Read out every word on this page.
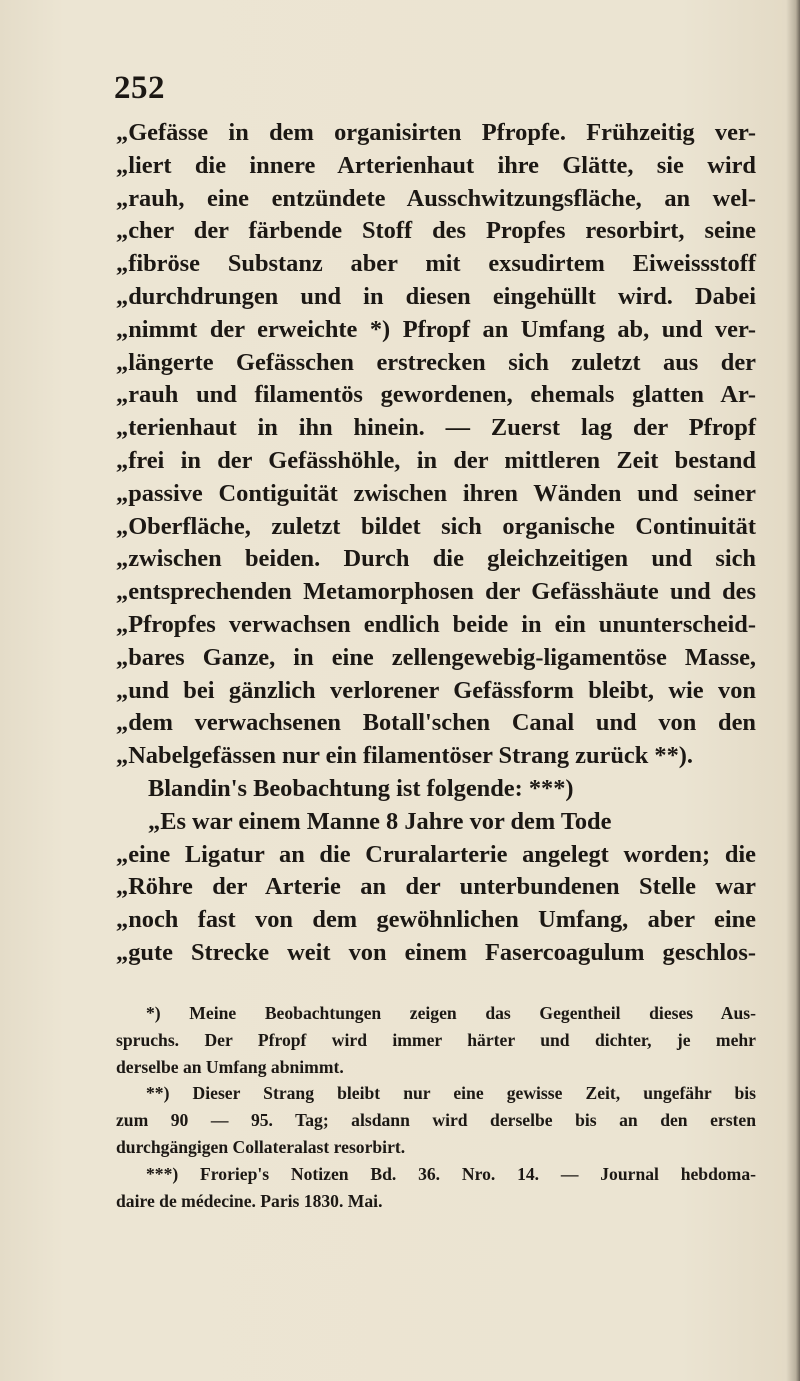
252
„Gefässe in dem organisirten Pfropfe. Frühzeitig ver-
„liert die innere Arterienhaut ihre Glätte, sie wird
„rauh, eine entzündete Ausschwitzungsfläche, an wel-
„cher der färbende Stoff des Propfes resorbirt, seine
„fibröse Substanz aber mit exsudirtem Eiweissstoff
„durchdrungen und in diesen eingehüllt wird. Dabei
„nimmt der erweichte *) Pfropf an Umfang ab, und ver-
„längerte Gefässchen erstrecken sich zuletzt aus der
„rauh und filamentös gewordenen, ehemals glatten Ar-
„terienhaut in ihn hinein. — Zuerst lag der Pfropf
„frei in der Gefässhöhle, in der mittleren Zeit bestand
„passive Contiguität zwischen ihren Wänden und seiner
„Oberfläche, zuletzt bildet sich organische Continuität
„zwischen beiden. Durch die gleichzeitigen und sich
„entsprechenden Metamorphosen der Gefässhäute und des
„Pfropfes verwachsen endlich beide in ein ununterscheid-
„bares Ganze, in eine zellengewebig-ligamentöse Masse,
„und bei gänzlich verlorener Gefässform bleibt, wie von
„dem verwachsenen Botall'schen Canal und von den
„Nabelgefässen nur ein filamentöser Strang zurück **).
Blandin's Beobachtung ist folgende: ***)
„Es war einem Manne 8 Jahre vor dem Tode
„eine Ligatur an die Cruralarterie angelegt worden; die
„Röhre der Arterie an der unterbundenen Stelle war
„noch fast von dem gewöhnlichen Umfang, aber eine
„gute Strecke weit von einem Fasercoagulum geschlos-
*) Meine Beobachtungen zeigen das Gegentheil dieses Aus-
spruchs. Der Pfropf wird immer härter und dichter, je mehr
derselbe an Umfang abnimmt.
**) Dieser Strang bleibt nur eine gewisse Zeit, ungefähr bis
zum 90 — 95. Tag; alsdann wird derselbe bis an den ersten
durchgängigen Collateralast resorbirt.
***) Froriep's Notizen Bd. 36. Nro. 14. — Journal hebdoma-
daire de médecine. Paris 1830. Mai.
